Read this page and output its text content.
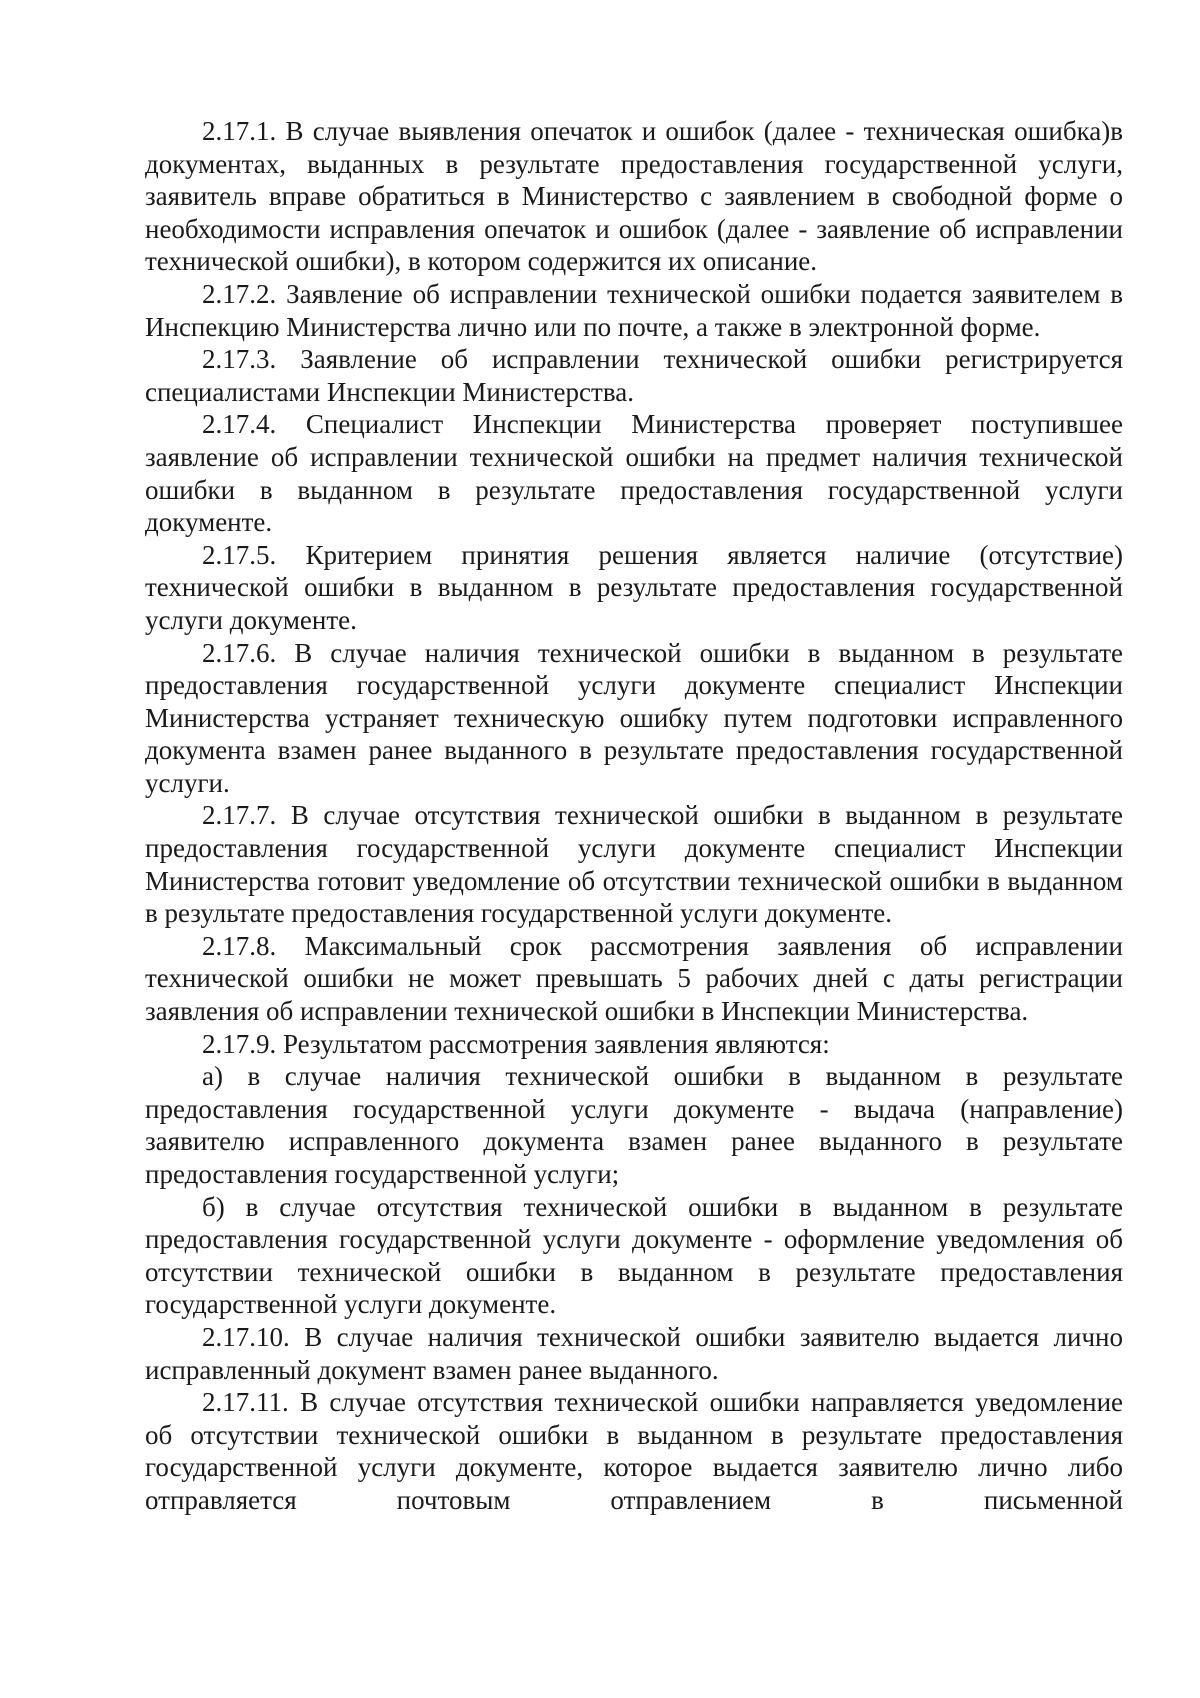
2.17.1. В случае выявления опечаток и ошибок (далее - техническая ошибка)в документах, выданных в результате предоставления государственной услуги, заявитель вправе обратиться в Министерство с заявлением в свободной форме о необходимости исправления опечаток и ошибок (далее - заявление об исправлении технической ошибки), в котором содержится их описание.

2.17.2. Заявление об исправлении технической ошибки подается заявителем в Инспекцию Министерства лично или по почте, а также в электронной форме.

2.17.3. Заявление об исправлении технической ошибки регистрируется специалистами Инспекции Министерства.

2.17.4. Специалист Инспекции Министерства проверяет поступившее заявление об исправлении технической ошибки на предмет наличия технической ошибки в выданном в результате предоставления государственной услуги документе.

2.17.5. Критерием принятия решения является наличие (отсутствие) технической ошибки в выданном в результате предоставления государственной услуги документе.

2.17.6. В случае наличия технической ошибки в выданном в результате предоставления государственной услуги документе специалист Инспекции Министерства устраняет техническую ошибку путем подготовки исправленного документа взамен ранее выданного в результате предоставления государственной услуги.

2.17.7. В случае отсутствия технической ошибки в выданном в результате предоставления государственной услуги документе специалист Инспекции Министерства готовит уведомление об отсутствии технической ошибки в выданном в результате предоставления государственной услуги документе.

2.17.8. Максимальный срок рассмотрения заявления об исправлении технической ошибки не может превышать 5 рабочих дней с даты регистрации заявления об исправлении технической ошибки в Инспекции Министерства.

2.17.9. Результатом рассмотрения заявления являются:

а) в случае наличия технической ошибки в выданном в результате предоставления государственной услуги документе - выдача (направление) заявителю исправленного документа взамен ранее выданного в результате предоставления государственной услуги;

б) в случае отсутствия технической ошибки в выданном в результате предоставления государственной услуги документе - оформление уведомления об отсутствии технической ошибки в выданном в результате предоставления государственной услуги документе.

2.17.10. В случае наличия технической ошибки заявителю выдается лично исправленный документ взамен ранее выданного.

2.17.11. В случае отсутствия технической ошибки направляется уведомление об отсутствии технической ошибки в выданном в результате предоставления государственной услуги документе, которое выдается заявителю лично либо отправляется почтовым отправлением в письменной
